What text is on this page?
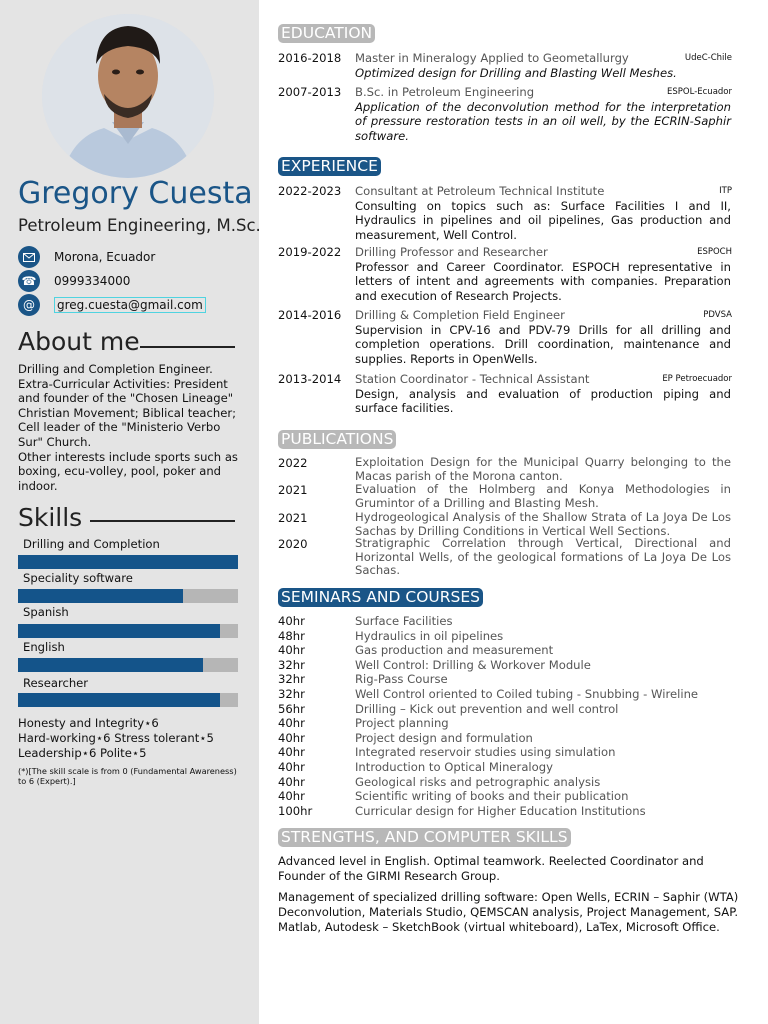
Gregory Cuesta
Petroleum Engineering, M.Sc.
Morona, Ecuador
☎ 0999334000
@	greg.cuesta@gmail.com
About me
Drilling and Completion Engineer.
Extra-Curricular Activities: President
and founder of the "Chosen Lineage"
Christian Movement; Biblical teacher;
Cell leader of the "Ministerio Verbo
Sur" Church.
Other interests include sports such as
boxing, ecu-volley, pool, poker and
indoor.
Skills
Drilling and Completion
Speciality software
Spanish
English
Researcher
Honesty and Integrity⋆6
Hard-working⋆6 Stress tolerant⋆5
Leadership⋆6 Polite⋆5
(*)[The skill scale is from 0 (Fundamental Awareness) to 6 (Expert).]
EDUCATION
2016-2018 Master in Mineralogy Applied to Geometallurgy	UdeC-Chile
Optimized design for Drilling and Blasting Well Meshes.
2007-2013 B.Sc. in Petroleum Engineering	ESPOL-Ecuador
Application of the deconvolution method for the interpretation of pressure restoration tests in an oil well, by the ECRIN-Saphir software.
EXPERIENCE
2022-2023 Consultant at Petroleum Technical Institute	ITP
Consulting on topics such as: Surface Facilities I and II, Hydraulics in pipelines and oil pipelines, Gas production and measurement, Well Control.
2019-2022 Drilling Professor and Researcher	ESPOCH
Professor and Career Coordinator. ESPOCH representative in letters of intent and agreements with companies. Preparation and execution of Research Projects.
2014-2016 Drilling & Completion Field Engineer	PDVSA
Supervision in CPV-16 and PDV-79 Drills for all drilling and completion operations. Drill coordination, maintenance and supplies. Reports in OpenWells.
2013-2014 Station Coordinator - Technical Assistant	EP Petroecuador
Design, analysis and evaluation of production piping and surface facilities.
PUBLICATIONS
2022	Exploitation Design for the Municipal Quarry belonging to the Macas parish of the Morona canton.
2021	Evaluation of the Holmberg and Konya Methodologies in Grumintor of a Drilling and Blasting Mesh.
2021	Hydrogeological Analysis of the Shallow Strata of La Joya De Los Sachas by Drilling Conditions in Vertical Well Sections.
2020	Stratigraphic Correlation through Vertical, Directional and Horizontal Wells, of the geological formations of La Joya De Los Sachas.
SEMINARS AND COURSES
40hr	Surface Facilities
48hr	Hydraulics in oil pipelines
40hr	Gas production and measurement
32hr	Well Control: Drilling & Workover Module
32hr	Rig-Pass Course
32hr	Well Control oriented to Coiled tubing - Snubbing - Wireline
56hr	Drilling – Kick out prevention and well control
40hr	Project planning
40hr	Project design and formulation
40hr	Integrated reservoir studies using simulation
40hr	Introduction to Optical Mineralogy
40hr	Geological risks and petrographic analysis
40hr	Scientific writing of books and their publication
100hr	Curricular design for Higher Education Institutions
STRENGTHS, AND COMPUTER SKILLS
Advanced level in English. Optimal teamwork. Reelected Coordinator and Founder of the GIRMI Research Group.
Management of specialized drilling software: Open Wells, ECRIN – Saphir (WTA) Deconvolution, Materials Studio, QEMSCAN analysis, Project Management, SAP. Matlab, Autodesk – SketchBook (virtual whiteboard), LaTex, Microsoft Office.
